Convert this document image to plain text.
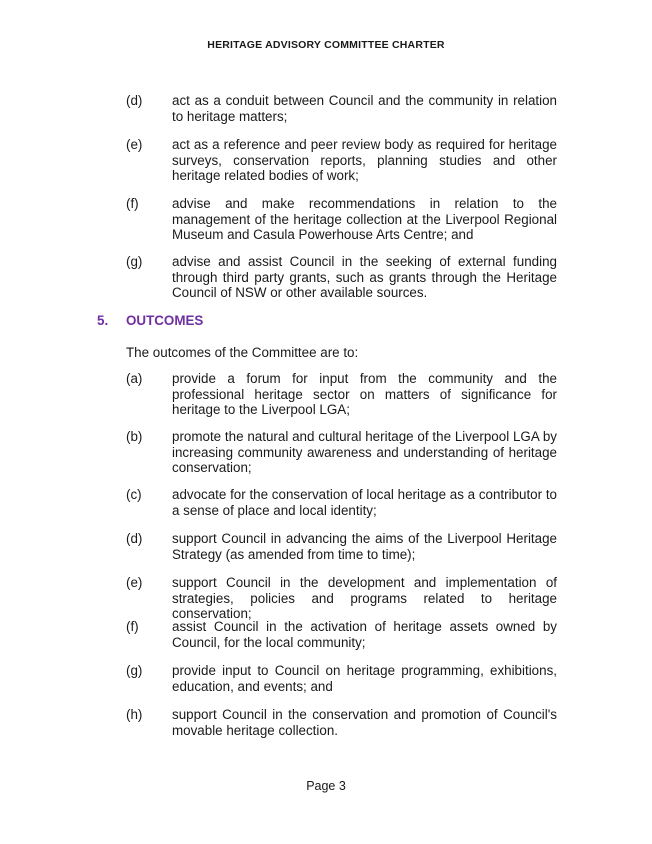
HERITAGE ADVISORY COMMITTEE CHARTER
(d) act as a conduit between Council and the community in relation to heritage matters;
(e) act as a reference and peer review body as required for heritage surveys, conservation reports, planning studies and other heritage related bodies of work;
(f) advise and make recommendations in relation to the management of the heritage collection at the Liverpool Regional Museum and Casula Powerhouse Arts Centre; and
(g) advise and assist Council in the seeking of external funding through third party grants, such as grants through the Heritage Council of NSW or other available sources.
5. OUTCOMES
The outcomes of the Committee are to:
(a) provide a forum for input from the community and the professional heritage sector on matters of significance for heritage to the Liverpool LGA;
(b) promote the natural and cultural heritage of the Liverpool LGA by increasing community awareness and understanding of heritage conservation;
(c) advocate for the conservation of local heritage as a contributor to a sense of place and local identity;
(d) support Council in advancing the aims of the Liverpool Heritage Strategy (as amended from time to time);
(e) support Council in the development and implementation of strategies, policies and programs related to heritage conservation;
(f) assist Council in the activation of heritage assets owned by Council, for the local community;
(g) provide input to Council on heritage programming, exhibitions, education, and events; and
(h) support Council in the conservation and promotion of Council's movable heritage collection.
Page 3
